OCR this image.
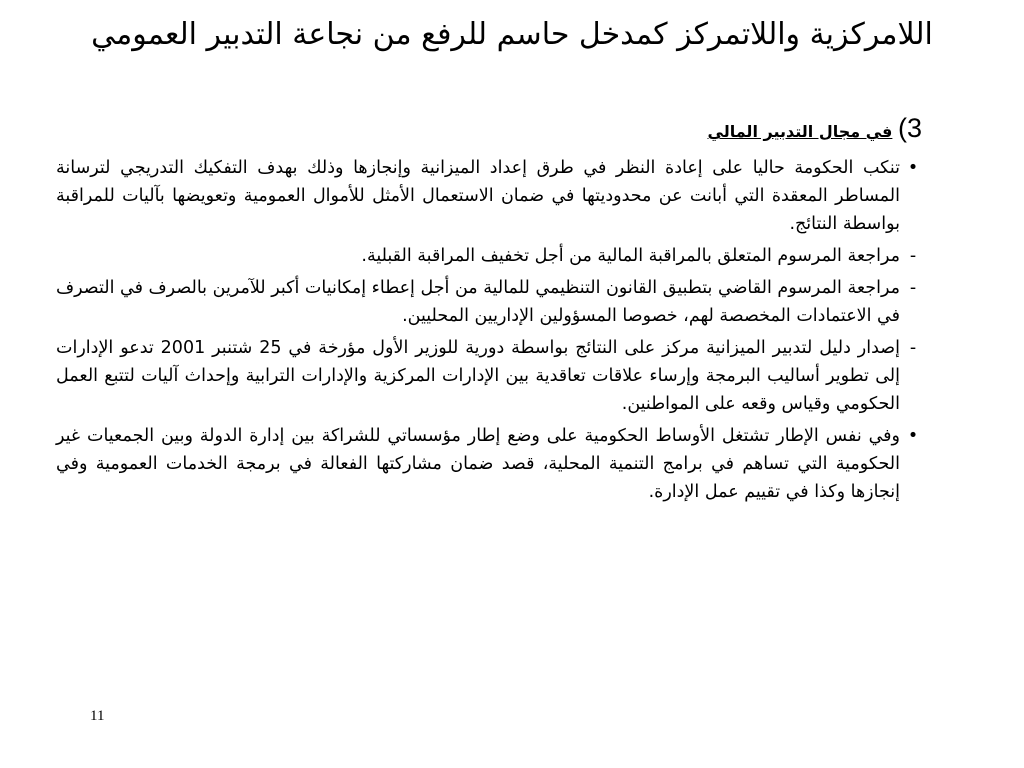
اللامركزية واللاتمركز كمدخل حاسم للرفع من نجاعة التدبير العمومي
3) في مجال التدبير المالي
•
تنكب الحكومة حاليا على إعادة النظر في طرق إعداد الميزانية وإنجازها وذلك بهدف التفكيك التدريجي لترسانة المساطر المعقدة التي أبانت عن محدوديتها في ضمان الاستعمال الأمثل للأموال العمومية وتعويضها بآليات للمراقبة بواسطة النتائج.
-
مراجعة المرسوم المتعلق بالمراقبة المالية من أجل تخفيف المراقبة القبلية.
-
مراجعة المرسوم القاضي بتطبيق القانون التنظيمي للمالية من أجل إعطاء إمكانيات أكبر للآمرين بالصرف في التصرف في الاعتمادات المخصصة لهم، خصوصا المسؤولين الإداريين المحليين.
-
إصدار دليل لتدبير الميزانية مركز على النتائج بواسطة دورية للوزير الأول مؤرخة في 25 شتنبر 2001 تدعو الإدارات إلى تطوير أساليب البرمجة وإرساء علاقات تعاقدية بين الإدارات المركزية والإدارات الترابية وإحداث آليات لتتبع العمل الحكومي وقياس وقعه على المواطنين.
•
وفي نفس الإطار تشتغل الأوساط الحكومية على وضع إطار مؤسساتي للشراكة بين إدارة الدولة وبين الجمعيات غير الحكومية التي تساهم في برامج التنمية المحلية، قصد ضمان مشاركتها الفعالة في برمجة الخدمات العمومية وفي إنجازها وكذا في تقييم عمل الإدارة.
11
